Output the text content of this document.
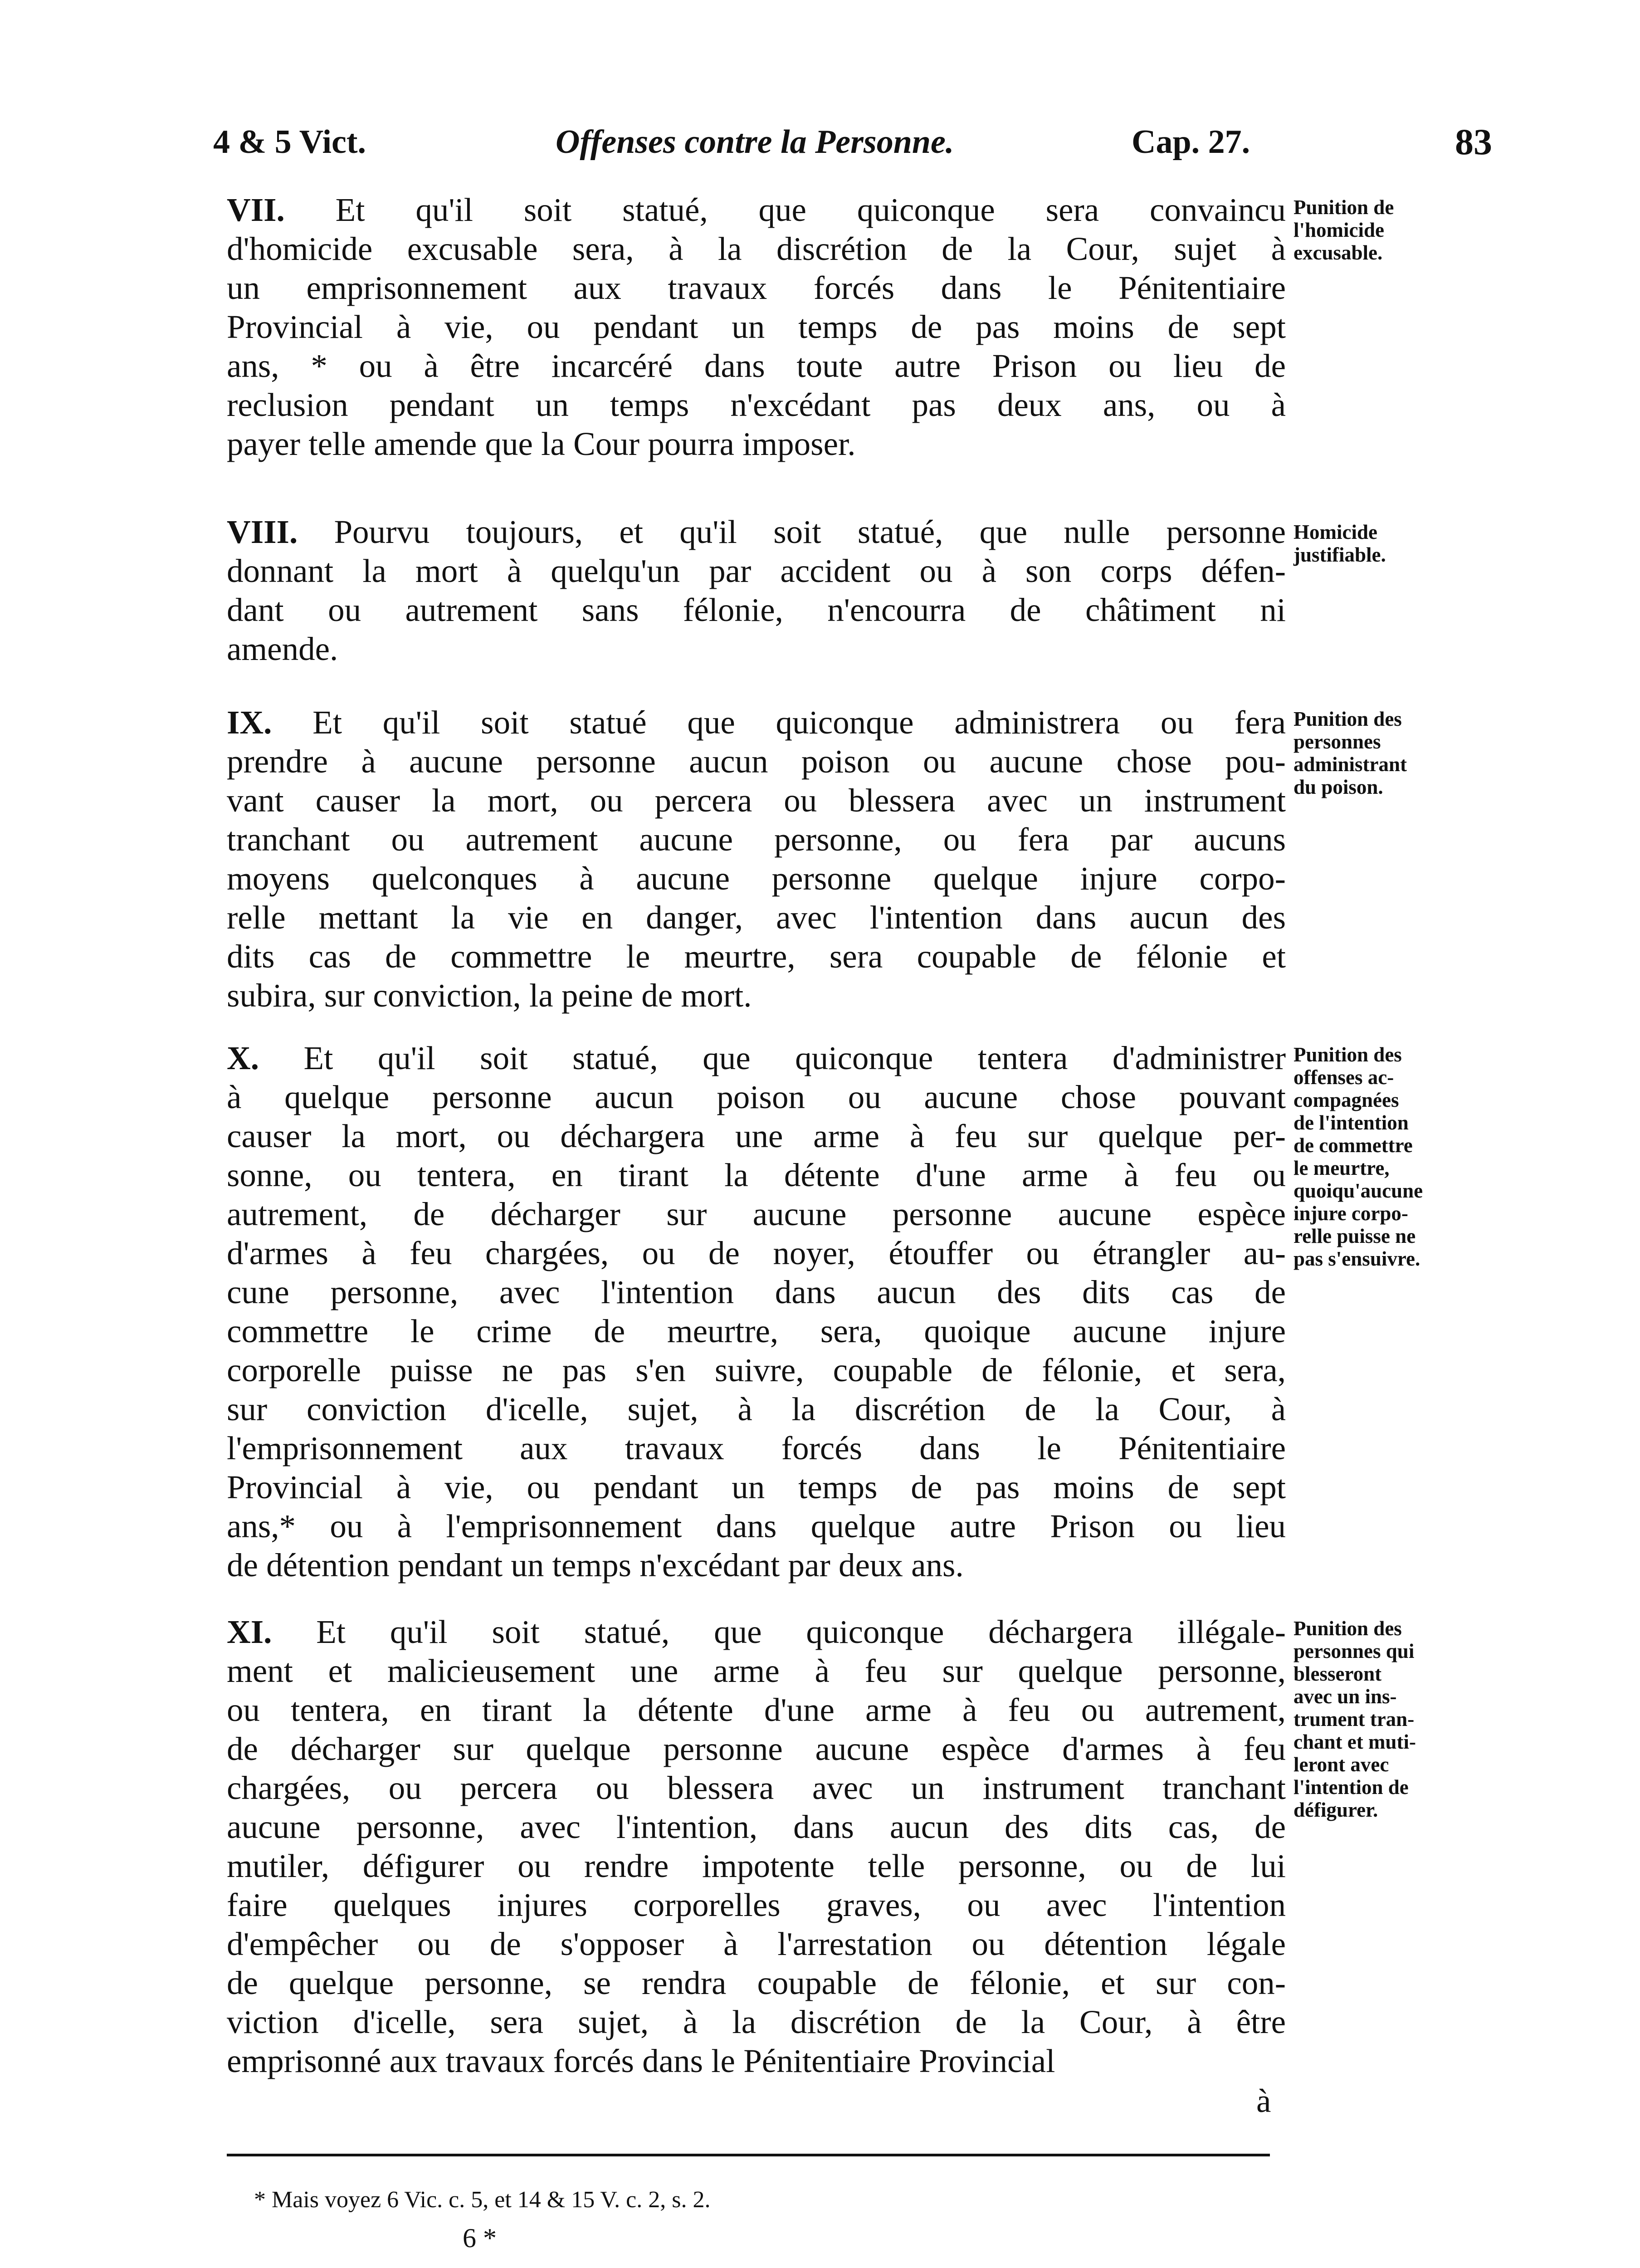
4 & 5 Vict.	Offenses contre la Personne.	Cap. 27.	83

VII. Et qu'il soit statué, que quiconque sera convaincu

d'homicide excusable sera, à la discrétion de la Cour, sujet à

un emprisonnement aux travaux forcés dans le Pénitentiaire

Provincial à vie, ou pendant un temps de pas moins de sept

ans, * ou à être incarcéré dans toute autre Prison ou lieu de

reclusion pendant un temps n'excédant pas deux ans, ou à

payer telle amende que la Cour pourra imposer.

Punition de
l'homicide
excusable.

VIII. Pourvu toujours, et qu'il soit statué, que nulle personne

donnant la mort à quelqu'un par accident ou à son corps défen-

dant ou autrement sans félonie, n'encourra de châtiment ni

amende.

Homicide
justifiable.

IX. Et qu'il soit statué que quiconque administrera ou fera

prendre à aucune personne aucun poison ou aucune chose pou-

vant causer la mort, ou percera ou blessera avec un instrument

tranchant ou autrement aucune personne, ou fera par aucuns

moyens quelconques à aucune personne quelque injure corpo-

relle mettant la vie en danger, avec l'intention dans aucun des

dits cas de commettre le meurtre, sera coupable de félonie et

subira, sur conviction, la peine de mort.

Punition des
personnes
administrant
du poison.

X. Et qu'il soit statué, que quiconque tentera d'administrer

à quelque personne aucun poison ou aucune chose pouvant

causer la mort, ou déchargera une arme à feu sur quelque per-

sonne, ou tentera, en tirant la détente d'une arme à feu ou

autrement, de décharger sur aucune personne aucune espèce

d'armes à feu chargées, ou de noyer, étouffer ou étrangler au-

cune personne, avec l'intention dans aucun des dits cas de

commettre le crime de meurtre, sera, quoique aucune injure

corporelle puisse ne pas s'en suivre, coupable de félonie, et sera,

sur conviction d'icelle, sujet, à la discrétion de la Cour, à

l'emprisonnement aux travaux forcés dans le Pénitentiaire

Provincial à vie, ou pendant un temps de pas moins de sept

ans,* ou à l'emprisonnement dans quelque autre Prison ou lieu

de détention pendant un temps n'excédant par deux ans.

Punition des
offenses ac-
compagnées
de l'intention
de commettre
le meurtre,
quoiqu'aucune
injure corpo-
relle puisse ne
pas s'ensuivre.

XI. Et qu'il soit statué, que quiconque déchargera illégale-

ment et malicieusement une arme à feu sur quelque personne,

ou tentera, en tirant la détente d'une arme à feu ou autrement,

de décharger sur quelque personne aucune espèce d'armes à feu

chargées, ou percera ou blessera avec un instrument tranchant

aucune personne, avec l'intention, dans aucun des dits cas, de

mutiler, défigurer ou rendre impotente telle personne, ou de lui

faire quelques injures corporelles graves, ou avec l'intention

d'empêcher ou de s'opposer à l'arrestation ou détention légale

de quelque personne, se rendra coupable de félonie, et sur con-

viction d'icelle, sera sujet, à la discrétion de la Cour, à être

emprisonné aux travaux forcés dans le Pénitentiaire Provincial

Punition des
personnes qui
blesseront
avec un ins-
trument tran-
chant et muti-
leront avec
l'intention de
défigurer.
à
* Mais voyez 6 Vic. c. 5, et 14 & 15 V. c. 2, s. 2.
6 *
